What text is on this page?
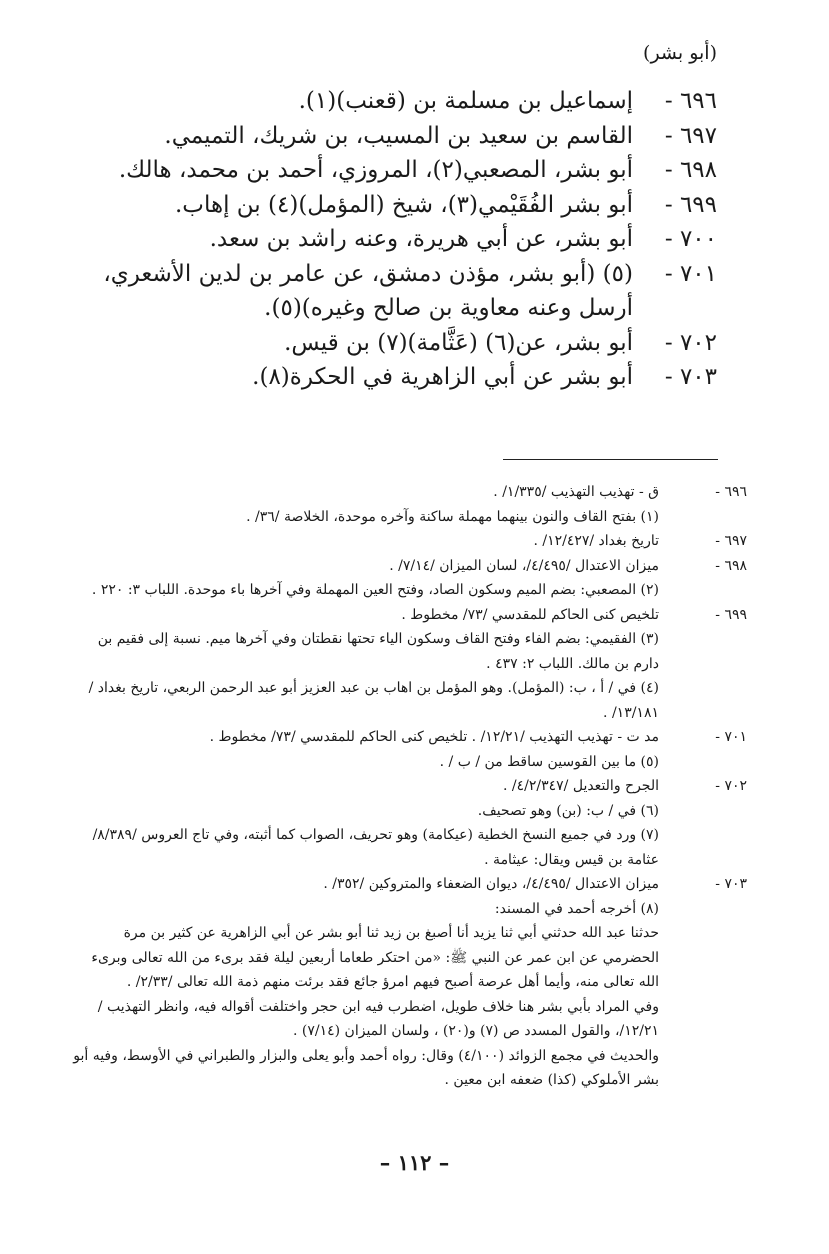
(أبو بشر)
٦٩٦ -
إسماعيل بن مسلمة بن (قعنب)(١).
٦٩٧ -
القاسم بن سعيد بن المسيب، بن شريك، التميمي.
٦٩٨ -
أبو بشر، المصعبي(٢)، المروزي، أحمد بن محمد، هالك.
٦٩٩ -
أبو بشر الفُقَيْمي(٣)، شيخ (المؤمل)(٤) بن إهاب.
٧٠٠ -
أبو بشر، عن أبي هريرة، وعنه راشد بن سعد.
٧٠١ -
(٥) (أبو بشر، مؤذن دمشق، عن عامر بن لدين الأشعري، أرسل وعنه معاوية بن صالح وغيره)(٥).
٧٠٢ -
أبو بشر، عن(٦) (عَثَّامة)(٧) بن قيس.
٧٠٣ -
أبو بشر عن أبي الزاهرية في الحكرة(٨).
٦٩٦ -
ق - تهذيب التهذيب /١/٣٣٥/ .
(١) بفتح القاف والنون بينهما مهملة ساكنة وآخره موحدة، الخلاصة /٣٦/ .
٦٩٧ -
تاريخ بغداد /١٢/٤٢٧/ .
٦٩٨ -
ميزان الاعتدال /٤/٤٩٥/، لسان الميزان /٧/١٤/ .
(٢) المصعبي: بضم الميم وسكون الصاد، وفتح العين المهملة وفي آخرها باء موحدة. اللباب ٣: ٢٢٠ .
٦٩٩ -
تلخيص كنى الحاكم للمقدسي /٧٣/ مخطوط .
(٣) الفقيمي: بضم الفاء وفتح القاف وسكون الياء تحتها نقطتان وفي آخرها ميم. نسبة إلى فقيم بن دارم بن مالك. اللباب ٢: ٤٣٧ .
(٤) في / أ ، ب: (المؤمل). وهو المؤمل بن اهاب بن عبد العزيز أبو عبد الرحمن الربعي، تاريخ بغداد /١٣/١٨١/ .
٧٠١ -
مد ت - تهذيب التهذيب /١٢/٢١/ . تلخيص كنى الحاكم للمقدسي /٧٣/ مخطوط .
(٥) ما بين القوسين ساقط من / ب / .
٧٠٢ -
الجرح والتعديل /٤/٢/٣٤٧/ .
(٦) في / ب: (بن) وهو تصحيف.
(٧) ورد في جميع النسخ الخطية (عيكامة) وهو تحريف، الصواب كما أثبته، وفي تاج العروس /٨/٣٨٩/ عثامة بن قيس ويقال: عيثامة .
٧٠٣ -
ميزان الاعتدال /٤/٤٩٥/، ديوان الضعفاء والمتروكين /٣٥٢/ .
(٨) أخرجه أحمد في المسند:
حدثنا عبد الله حدثني أبي ثنا يزيد أنا أصبغ بن زيد ثنا أبو بشر عن أبي الزاهرية عن كثير بن مرة الحضرمي عن ابن عمر عن النبي ﷺ: «من احتكر طعاما أربعين ليلة فقد برىء من الله تعالى وبرىء الله تعالى منه، وأيما أهل عرصة أصبح فيهم امرؤ جائع فقد برئت منهم ذمة الله تعالى /٢/٣٣/ .
وفي المراد بأبي بشر هنا خلاف طويل، اضطرب فيه ابن حجر واختلفت أقواله فيه، وانظر التهذيب /١٢/٢١/، والقول المسدد ص (٧) و(٢٠) ، ولسان الميزان (٧/١٤) .
والحديث في مجمع الزوائد (٤/١٠٠) وقال: رواه أحمد وأبو يعلى والبزار والطبراني في الأوسط، وفيه أبو بشر الأملوكي (كذا) ضعفه ابن معين .
– ١١٢ –
